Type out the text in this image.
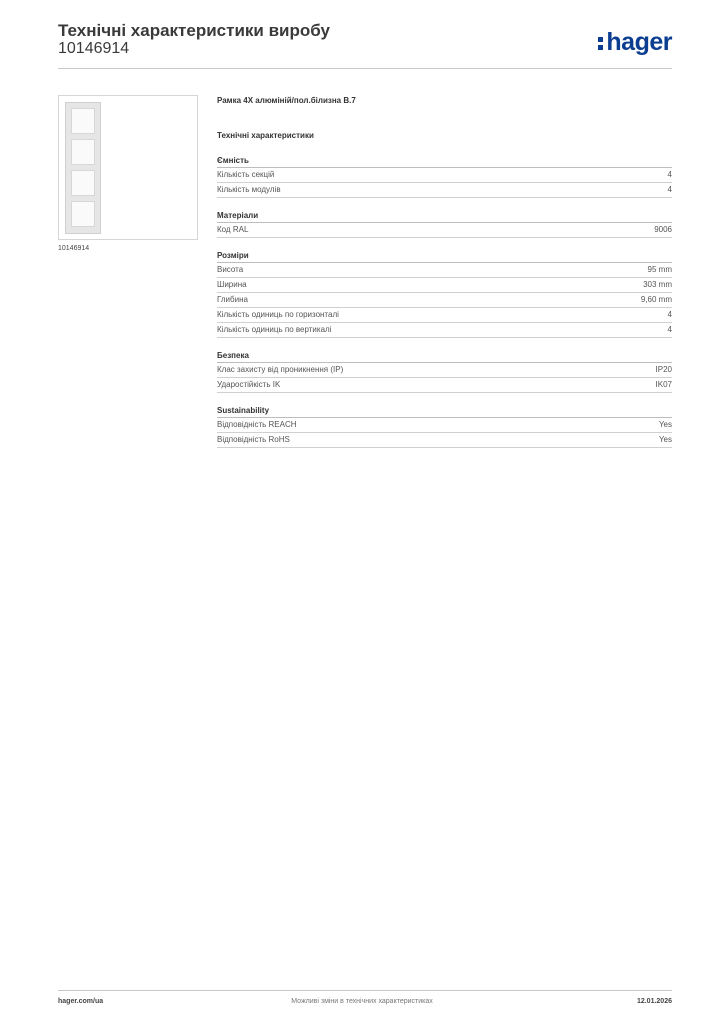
Технічні характеристики виробу
10146914	hager
10146914
Рамка 4X алюміній/пол.білизна B.7
Технічні характеристики
Ємність
Кількість секцій	4
Кількість модулів	4
Матеріали
Код RAL	9006
Розміри
Висота	95 mm
Ширина	303 mm
Глибина	9,60 mm
Кількість одиниць по горизонталі	4
Кількість одиниць по вертикалі	4
Безпека
Клас захисту від проникнення (IP)	IP20
Ударостійкість IK	IK07
Sustainability
Відповідність REACH	Yes
Відповідність RoHS	Yes
hager.com/ua	Можливі зміни в технічних характеристиках	12.01.2026
